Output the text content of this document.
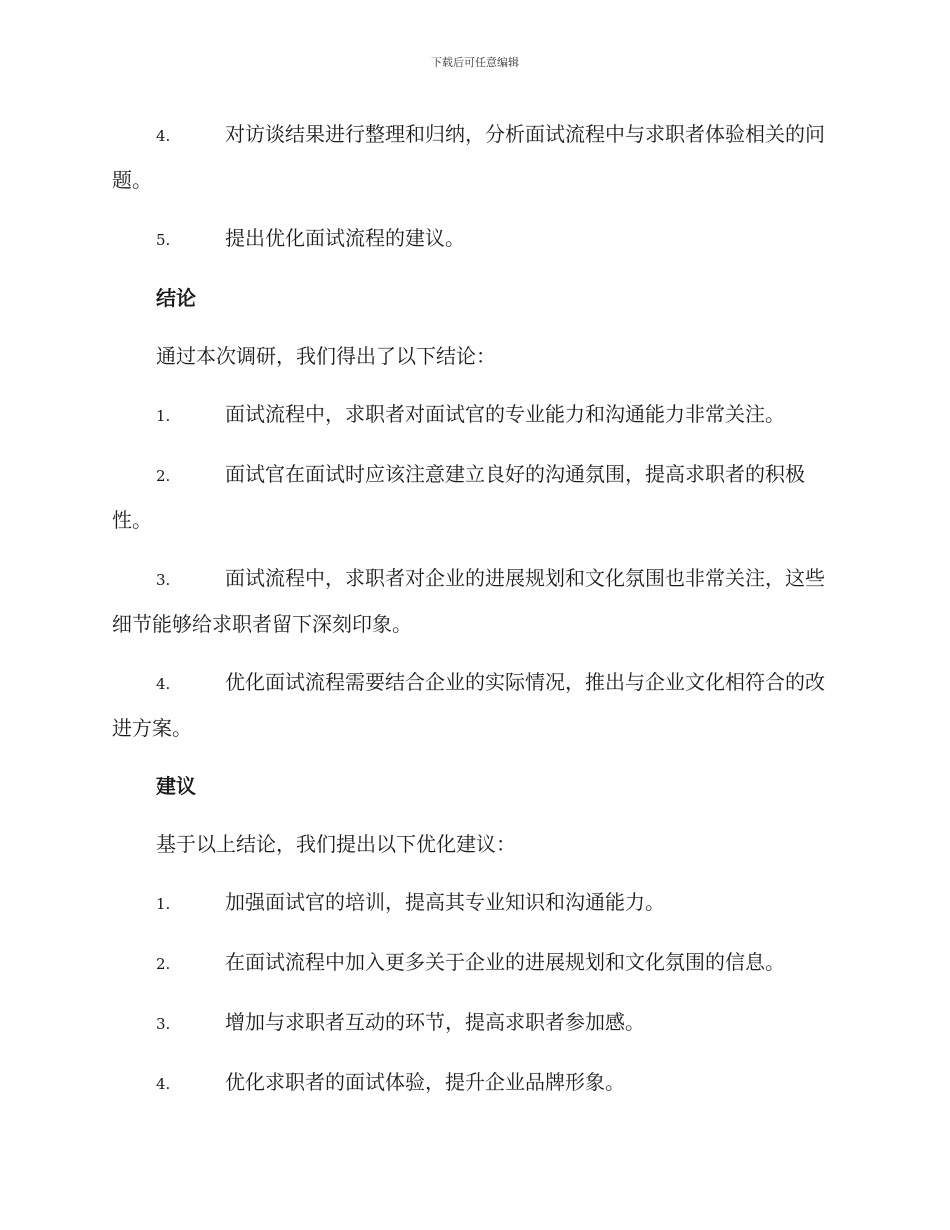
下载后可任意编辑

4.	对访谈结果进行整理和归纳，分析面试流程中与求职者体验相关的问题。

5.	提出优化面试流程的建议。

结论

通过本次调研，我们得出了以下结论：

1.	面试流程中，求职者对面试官的专业能力和沟通能力非常关注。

2.	面试官在面试时应该注意建立良好的沟通氛围，提高求职者的积极性。

3.	面试流程中，求职者对企业的进展规划和文化氛围也非常关注，这些细节能够给求职者留下深刻印象。

4.	优化面试流程需要结合企业的实际情况，推出与企业文化相符合的改进方案。

建议

基于以上结论，我们提出以下优化建议：

1.	加强面试官的培训，提高其专业知识和沟通能力。

2.	在面试流程中加入更多关于企业的进展规划和文化氛围的信息。

3.	增加与求职者互动的环节，提高求职者参加感。

4.	优化求职者的面试体验，提升企业品牌形象。
